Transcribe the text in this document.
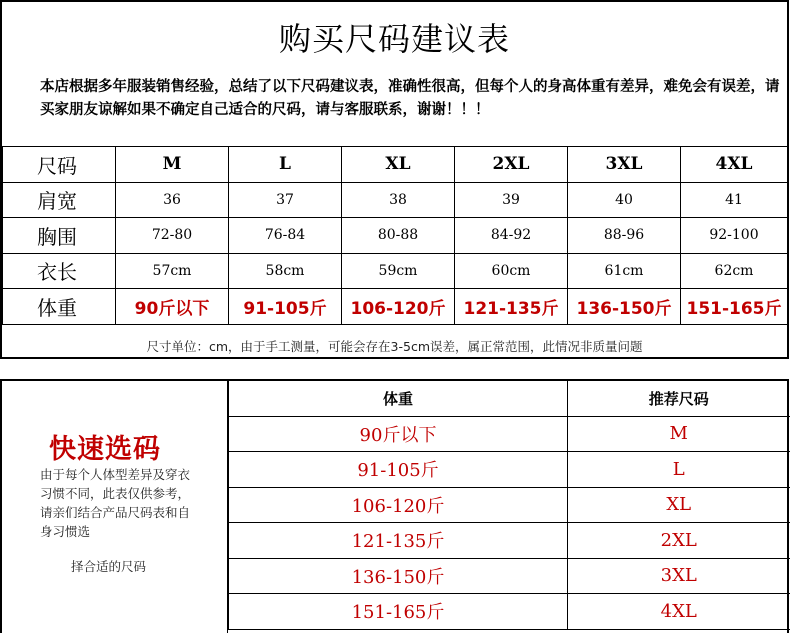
购买尺码建议表
本店根据多年服装销售经验，总结了以下尺码建议表，准确性很高，但每个人的身高体重有差异，难免会有误差，请买家朋友谅解如果不确定自己适合的尺码，请与客服联系，谢谢！！！
尺码	M	L	XL	2XL	3XL	4XL
肩宽	36	37	38	39	40	41
胸围	72-80	76-84	80-88	84-92	88-96	92-100
衣长	57cm	58cm	59cm	60cm	61cm	62cm
体重	90斤以下	91-105斤	106-120斤	121-135斤	136-150斤	151-165斤
尺寸单位：cm，由于手工测量，可能会存在3-5cm误差，属正常范围，此情况非质量问题
快速选码
由于每个人体型差异及穿衣习惯不同，此表仅供参考，请亲们结合产品尺码表和自身习惯选
择合适的尺码
体重	推荐尺码
90斤以下	M
91-105斤	L
106-120斤	XL
121-135斤	2XL
136-150斤	3XL
151-165斤	4XL
